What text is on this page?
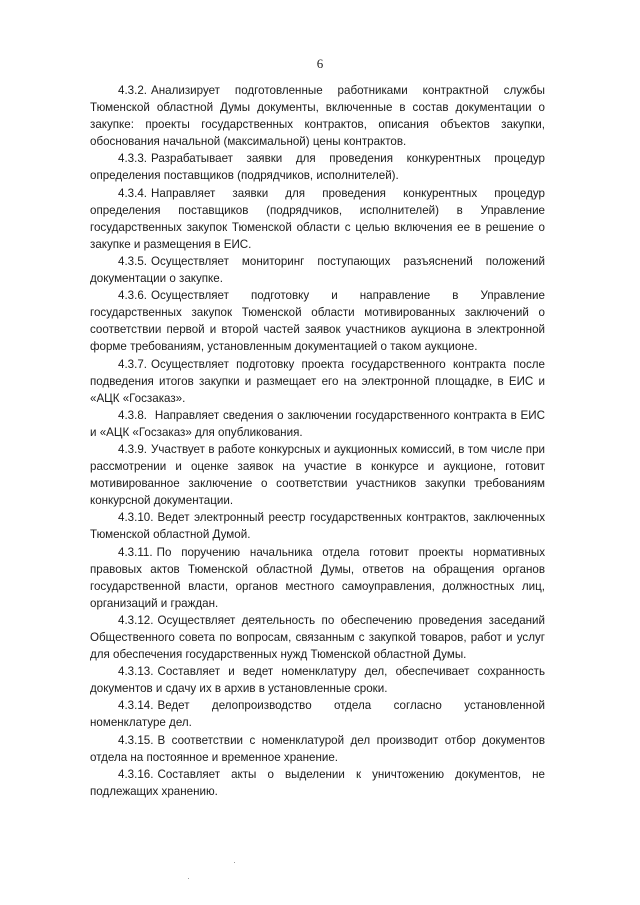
6

4.3.2. Анализирует подготовленные работниками контрактной службы Тюменской областной Думы документы, включенные в состав документации о закупке: проекты государственных контрактов, описания объектов закупки, обоснования начальной (максимальной) цены контрактов.

4.3.3. Разрабатывает заявки для проведения конкурентных процедур определения поставщиков (подрядчиков, исполнителей).

4.3.4. Направляет заявки для проведения конкурентных процедур определения поставщиков (подрядчиков, исполнителей) в Управление государственных закупок Тюменской области с целью включения ее в решение о закупке и размещения в ЕИС.

4.3.5. Осуществляет мониторинг поступающих разъяснений положений документации о закупке.

4.3.6. Осуществляет подготовку и направление в Управление государственных закупок Тюменской области мотивированных заключений о соответствии первой и второй частей заявок участников аукциона в электронной форме требованиям, установленным документацией о таком аукционе.

4.3.7. Осуществляет подготовку проекта государственного контракта после подведения итогов закупки и размещает его на электронной площадке, в ЕИС и «АЦК «Госзаказ».

4.3.8. Направляет сведения о заключении государственного контракта в ЕИС и «АЦК «Госзаказ» для опубликования.

4.3.9. Участвует в работе конкурсных и аукционных комиссий, в том числе при рассмотрении и оценке заявок на участие в конкурсе и аукционе, готовит мотивированное заключение о соответствии участников закупки требованиям конкурсной документации.

4.3.10. Ведет электронный реестр государственных контрактов, заключенных Тюменской областной Думой.

4.3.11. По поручению начальника отдела готовит проекты нормативных правовых актов Тюменской областной Думы, ответов на обращения органов государственной власти, органов местного самоуправления, должностных лиц, организаций и граждан.

4.3.12. Осуществляет деятельность по обеспечению проведения заседаний Общественного совета по вопросам, связанным с закупкой товаров, работ и услуг для обеспечения государственных нужд Тюменской областной Думы.

4.3.13. Составляет и ведет номенклатуру дел, обеспечивает сохранность документов и сдачу их в архив в установленные сроки.

4.3.14. Ведет делопроизводство отдела согласно установленной номенклатуре дел.

4.3.15. В соответствии с номенклатурой дел производит отбор документов отдела на постоянное и временное хранение.

4.3.16. Составляет акты о выделении к уничтожению документов, не подлежащих хранению.
